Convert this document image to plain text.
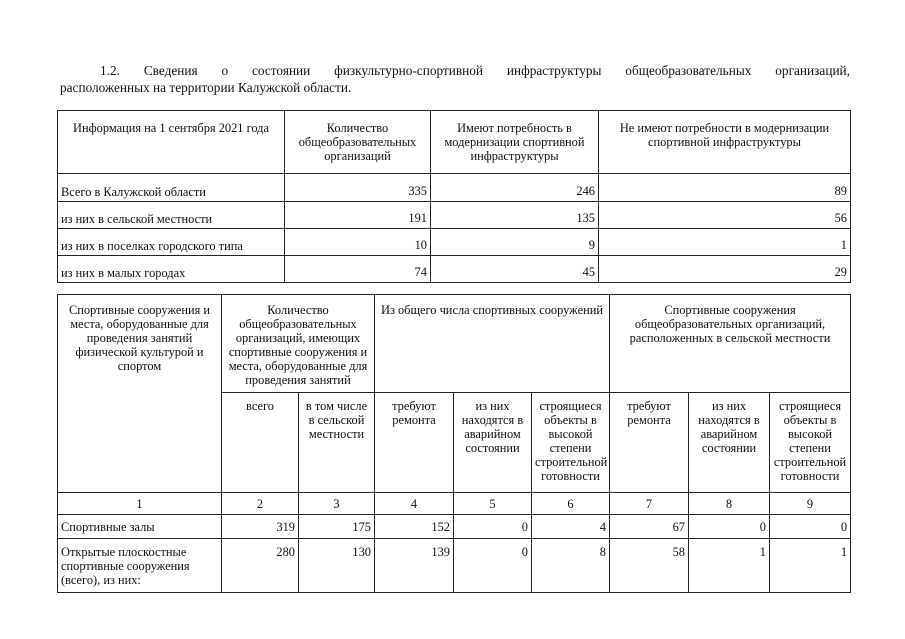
1.2. Сведения о состоянии физкультурно-спортивной инфраструктуры общеобразовательных организаций,
расположенных на территории Калужской области.
Информация на 1 сентября 2021 года	Количество общеобразовательных организаций	Имеют потребность в модернизации спортивной инфраструктуры	Не имеют потребности в модернизации спортивной инфраструктуры
Всего в Калужской области	335	246	89
из них в сельской местности	191	135	56
из них в поселках городского типа	10	9	1
из них в малых городах	74	45	29
Спортивные сооружения и места, оборудованные для проведения занятий физической культурой и спортом	Количество общеобразовательных организаций, имеющих спортивные сооружения и места, оборудованные для проведения занятий		Из общего числа спортивных сооружений			Спортивные сооружения общеобразовательных организаций, расположенных в сельской местности		
	всего	в том числе в сельской местности	требуют ремонта	из них находятся в аварийном состоянии	строящиеся объекты в высокой степени строительной готовности	требуют ремонта	из них находятся в аварийном состоянии	строящиеся объекты в высокой степени строительной готовности
1	2	3	4	5	6	7	8	9
Спортивные залы	319	175	152	0	4	67	0	0
Открытые плоскостные спортивные сооружения (всего), из них:	280	130	139	0	8	58	1	1
